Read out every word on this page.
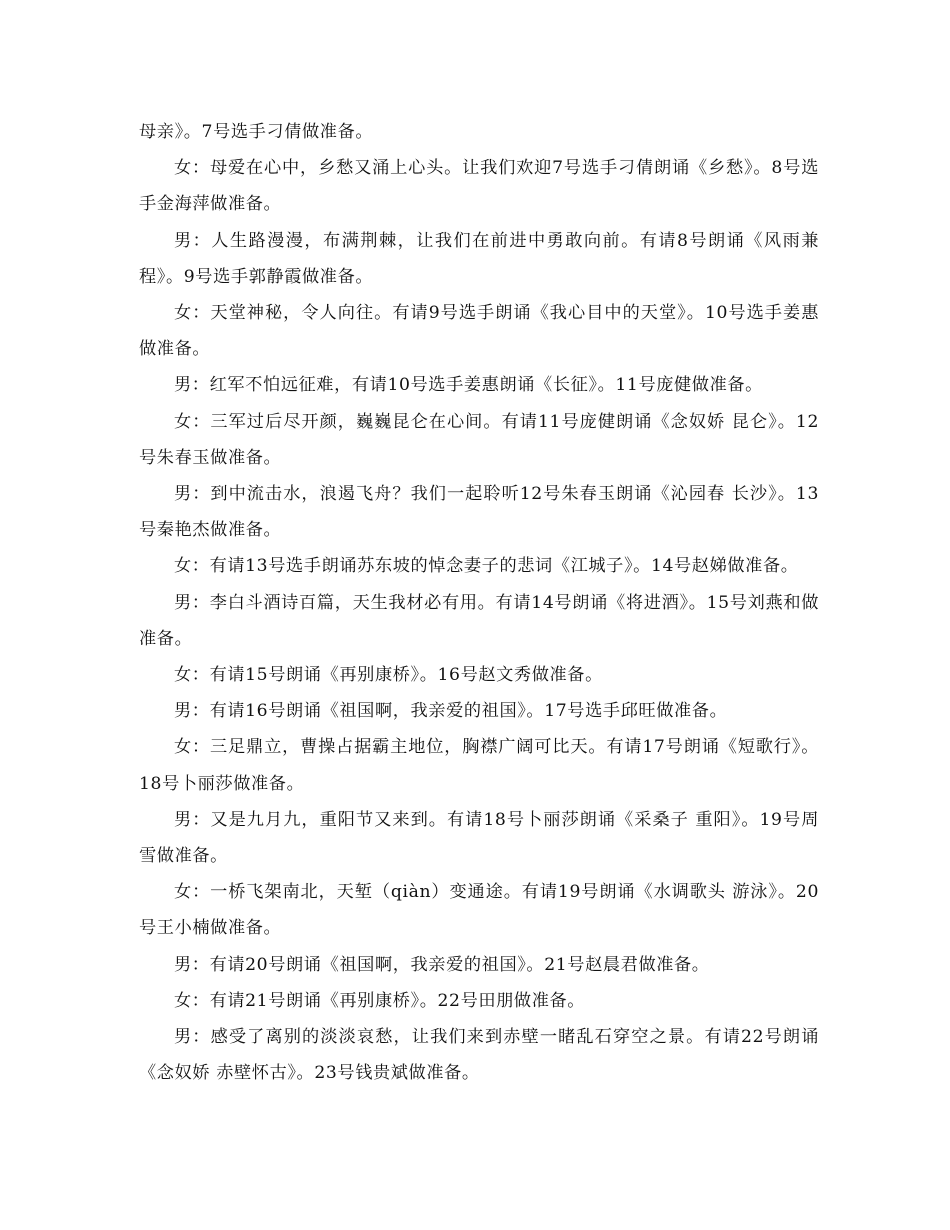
母亲》。7号选手刁倩做准备。

女：母爱在心中，乡愁又涌上心头。让我们欢迎7号选手刁倩朗诵《乡愁》。8号选手金海萍做准备。

男：人生路漫漫，布满荆棘，让我们在前进中勇敢向前。有请8号朗诵《风雨兼程》。9号选手郭静霞做准备。

女：天堂神秘，令人向往。有请9号选手朗诵《我心目中的天堂》。10号选手姜惠做准备。

男：红军不怕远征难，有请10号选手姜惠朗诵《长征》。11号庞健做准备。

女：三军过后尽开颜，巍巍昆仑在心间。有请11号庞健朗诵《念奴娇 昆仑》。12号朱春玉做准备。

男：到中流击水，浪遏飞舟？我们一起聆听12号朱春玉朗诵《沁园春 长沙》。13号秦艳杰做准备。

女：有请13号选手朗诵苏东坡的悼念妻子的悲词《江城子》。14号赵娣做准备。

男：李白斗酒诗百篇，天生我材必有用。有请14号朗诵《将进酒》。15号刘燕和做准备。

女：有请15号朗诵《再别康桥》。16号赵文秀做准备。

男：有请16号朗诵《祖国啊，我亲爱的祖国》。17号选手邱旺做准备。

女：三足鼎立，曹操占据霸主地位，胸襟广阔可比天。有请17号朗诵《短歌行》。18号卜丽莎做准备。

男：又是九月九，重阳节又来到。有请18号卜丽莎朗诵《采桑子 重阳》。19号周雪做准备。

女：一桥飞架南北，天堑（qiàn）变通途。有请19号朗诵《水调歌头 游泳》。20号王小楠做准备。

男：有请20号朗诵《祖国啊，我亲爱的祖国》。21号赵晨君做准备。

女：有请21号朗诵《再别康桥》。22号田朋做准备。

男：感受了离别的淡淡哀愁，让我们来到赤壁一睹乱石穿空之景。有请22号朗诵《念奴娇 赤壁怀古》。23号钱贵斌做准备。
